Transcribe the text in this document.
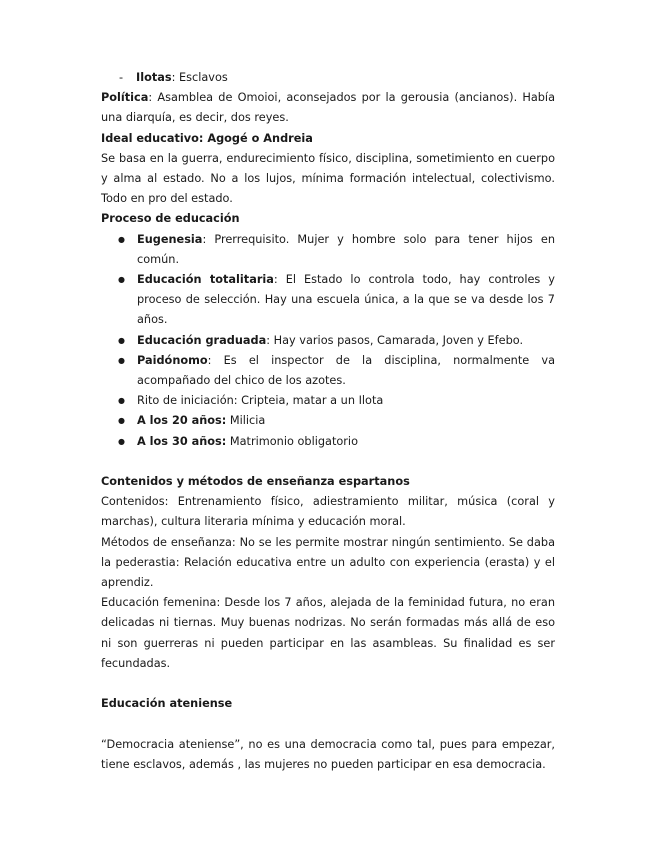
- Ilotas: Esclavos

Política: Asamblea de Omoioi, aconsejados por la gerousia (ancianos). Había una diarquía, es decir, dos reyes.

Ideal educativo: Agogé o Andreia

Se basa en la guerra, endurecimiento físico, disciplina, sometimiento en cuerpo y alma al estado. No a los lujos, mínima formación intelectual, colectivismo. Todo en pro del estado.

Proceso de educación

● Eugenesia: Prerrequisito. Mujer y hombre solo para tener hijos en común.
● Educación totalitaria: El Estado lo controla todo, hay controles y proceso de selección. Hay una escuela única, a la que se va desde los 7 años.
● Educación graduada: Hay varios pasos, Camarada, Joven y Efebo.
● Paidónomo: Es el inspector de la disciplina, normalmente va acompañado del chico de los azotes.
● Rito de iniciación: Cripteia, matar a un Ilota
● A los 20 años: Milicia
● A los 30 años: Matrimonio obligatorio

Contenidos y métodos de enseñanza espartanos

Contenidos: Entrenamiento físico, adiestramiento militar, música (coral y marchas), cultura literaria mínima y educación moral.

Métodos de enseñanza: No se les permite mostrar ningún sentimiento. Se daba la pederastia: Relación educativa entre un adulto con experiencia (erasta) y el aprendiz.

Educación femenina: Desde los 7 años, alejada de la feminidad futura, no eran delicadas ni tiernas. Muy buenas nodrizas. No serán formadas más allá de eso ni son guerreras ni pueden participar en las asambleas. Su finalidad es ser fecundadas.

Educación ateniense

“Democracia ateniense”, no es una democracia como tal, pues para empezar, tiene esclavos, además , las mujeres no pueden participar en esa democracia.
